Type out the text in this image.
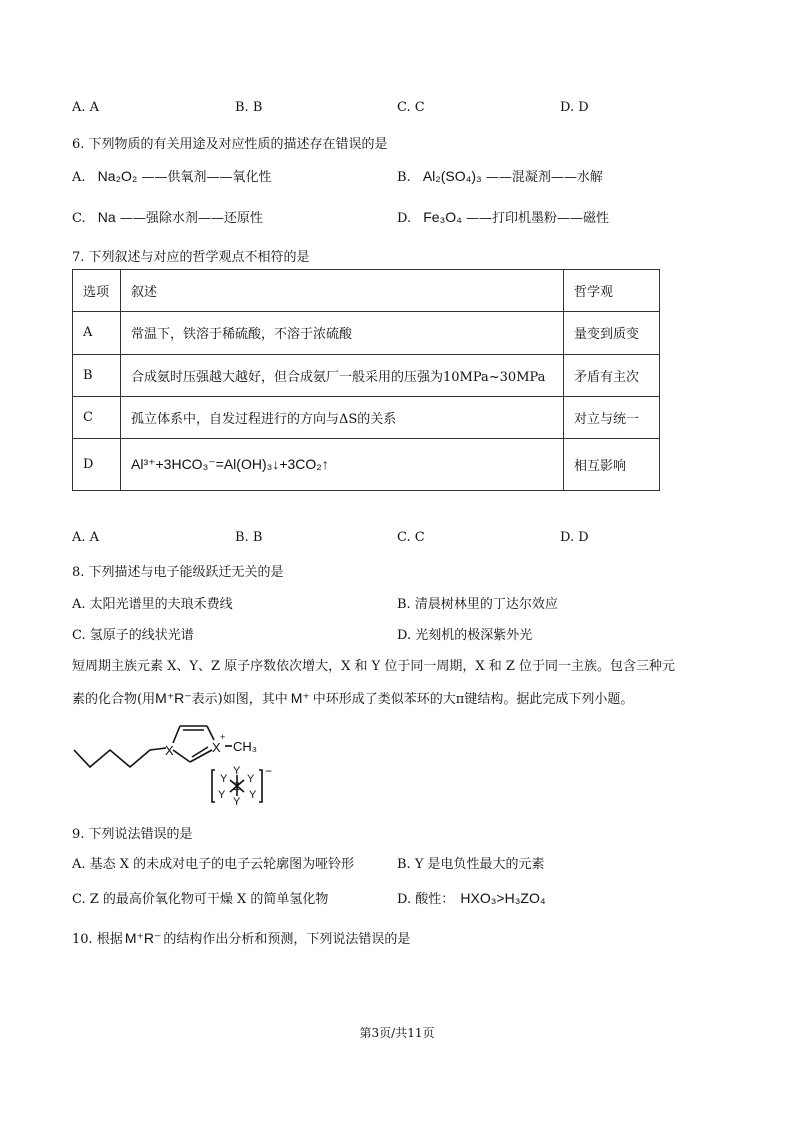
A. A	B. B	C. C	D. D
6. 下列物质的有关用途及对应性质的描述存在错误的是
A. Na₂O₂ ——供氧剂——氧化性	B. Al₂(SO₄)₃ ——混凝剂——水解
C. Na ——强除水剂——还原性	D. Fe₃O₄ ——打印机墨粉——磁性
7. 下列叙述与对应的哲学观点不相符的是
选项	叙述	哲学观
A	常温下，铁溶于稀硫酸，不溶于浓硫酸	量变到质变
B	合成氨时压强越大越好，但合成氨厂一般采用的压强为10MPa~30MPa	矛盾有主次
C	孤立体系中，自发过程进行的方向与ΔS的关系	对立与统一
D	Al³⁺+3HCO₃⁻=Al(OH)₃↓+3CO₂↑	相互影响
A. A	B. B	C. C	D. D
8. 下列描述与电子能级跃迁无关的是
A. 太阳光谱里的夫琅禾费线	B. 清晨树林里的丁达尔效应
C. 氢原子的线状光谱	D. 光刻机的极深紫外光
短周期主族元素 X、Y、Z 原子序数依次增大，X 和 Y 位于同一周期，X 和 Z 位于同一主族。包含三种元
素的化合物(用M⁺R⁻表示)如图，其中 M⁺ 中环形成了类似苯环的大π键结构。据此完成下列小题。
X	X
+
CH₃
Z
Y
Y
Y Y
Y Y
−
9. 下列说法错误的是
A. 基态 X 的未成对电子的电子云轮廓图为哑铃形	B. Y 是电负性最大的元素
C. Z 的最高价氧化物可干燥 X 的简单氢化物	D. 酸性： HXO₃>H₃ZO₄
10. 根据 M⁺R⁻ 的结构作出分析和预测，下列说法错误的是
第3页/共11页
